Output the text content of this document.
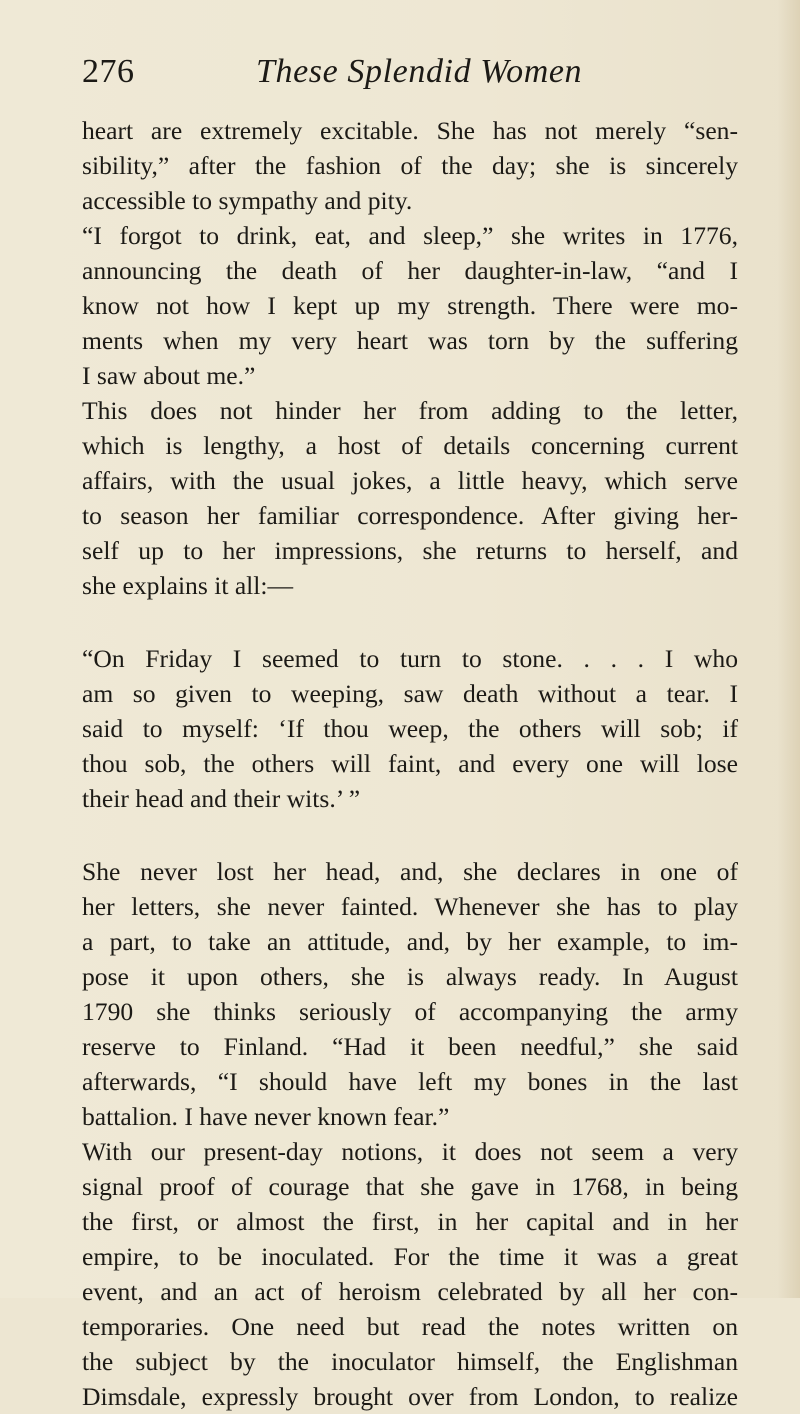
276	These Splendid Women
heart are extremely excitable. She has not merely “sen-
sibility,” after the fashion of the day; she is sincerely
accessible to sympathy and pity.
“I forgot to drink, eat, and sleep,” she writes in 1776,
announcing the death of her daughter-in-law, “and I
know not how I kept up my strength. There were mo-
ments when my very heart was torn by the suffering
I saw about me.”
This does not hinder her from adding to the letter,
which is lengthy, a host of details concerning current
affairs, with the usual jokes, a little heavy, which serve
to season her familiar correspondence. After giving her-
self up to her impressions, she returns to herself, and
she explains it all:—
“On Friday I seemed to turn to stone. . . . I who
am so given to weeping, saw death without a tear. I
said to myself: ‘If thou weep, the others will sob; if
thou sob, the others will faint, and every one will lose
their head and their wits.’ ”
She never lost her head, and, she declares in one of
her letters, she never fainted. Whenever she has to play
a part, to take an attitude, and, by her example, to im-
pose it upon others, she is always ready. In August
1790 she thinks seriously of accompanying the army
reserve to Finland. “Had it been needful,” she said
afterwards, “I should have left my bones in the last
battalion. I have never known fear.”
With our present-day notions, it does not seem a very
signal proof of courage that she gave in 1768, in being
the first, or almost the first, in her capital and in her
empire, to be inoculated. For the time it was a great
event, and an act of heroism celebrated by all her con-
temporaries. One need but read the notes written on
the subject by the inoculator himself, the Englishman
Dimsdale, expressly brought over from London, to realize
